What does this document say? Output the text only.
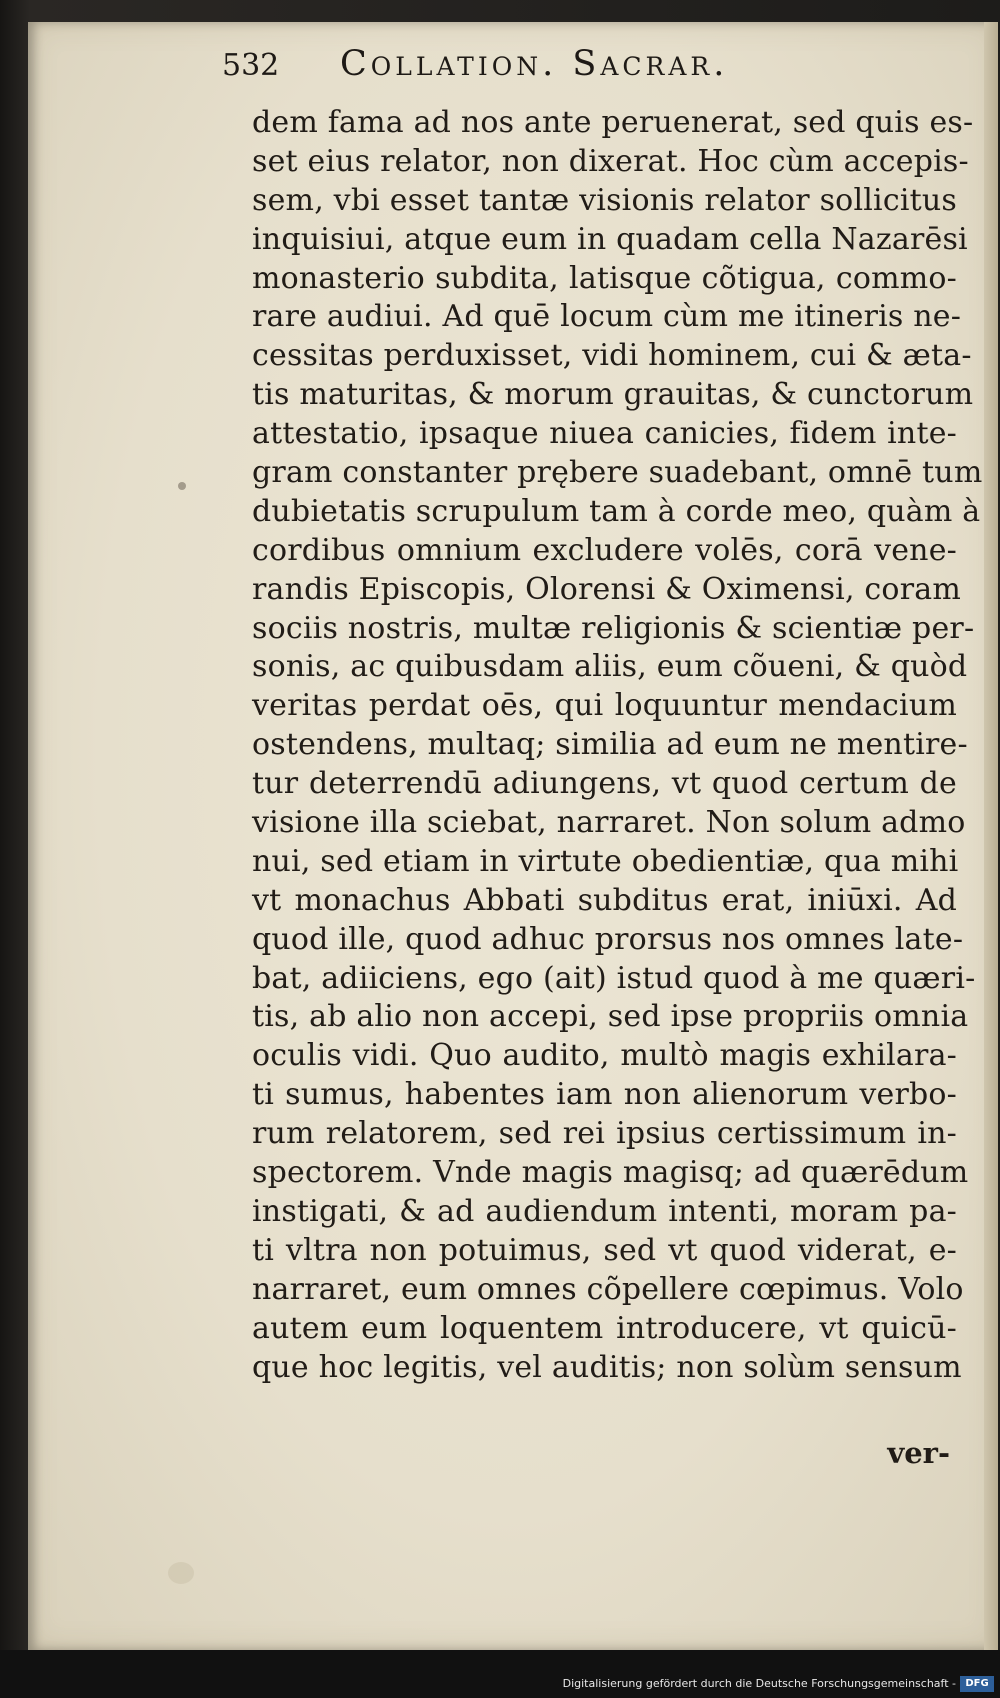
532 Collation. Sacrar.
dem fama ad nos ante peruenerat, sed quis es-
set eius relator, non dixerat. Hoc cùm accepis-
sem, vbi esset tantæ visionis relator sollicitus
inquisiui, atque eum in quadam cella Nazarēsi
monasterio subdita, latisque cõtigua, commo-
rare audiui. Ad quē locum cùm me itineris ne-
cessitas perduxisset, vidi hominem, cui & ætа-
tis maturitas, & morum grauitas, & cunctorum
attestatio, ipsaque niuea canicies, fidem inte-
gram constanter prębere suadebant, omnē tum
dubietatis scrupulum tam à corde meo, quàm à
cordibus omnium excludere volēs, corā vene-
randis Episcopis, Olorensi & Oximensi, coram
sociis nostris, multæ religionis & scientiæ per-
sonis, ac quibusdam aliis, eum cõueni, & quòd
veritas perdat oēs, qui loquuntur mendacium
ostendens, multaq; similia ad eum ne mentire-
tur deterrendū adiungens, vt quod certum de
visione illa sciebat, narraret. Non solum admo
nui, sed etiam in virtute obedientiæ, qua mihi
vt monachus Abbati subditus erat, iniūxi. Ad
quod ille, quod adhuc prorsus nos omnes late-
bat, adiiciens, ego (ait) istud quod à me quæri-
tis, ab alio non accepi, sed ipse propriis omnia
oculis vidi. Quo audito, multò magis exhilara-
ti sumus, habentes iam non alienorum verbo-
rum relatorem, sed rei ipsius certissimum in-
spectorem. Vnde magis magisq; ad quærēdum
instigati, & ad audiendum intenti, moram pa-
ti vltra non potuimus, sed vt quod viderat, e-
narraret, eum omnes cõpellere cœpimus. Volo
autem eum loquentem introducere, vt quicū-
que hoc legitis, vel auditis; non solùm sensum
ver-
Digitalisierung gefördert durch die Deutsche Forschungsgemeinschaft - DFG
